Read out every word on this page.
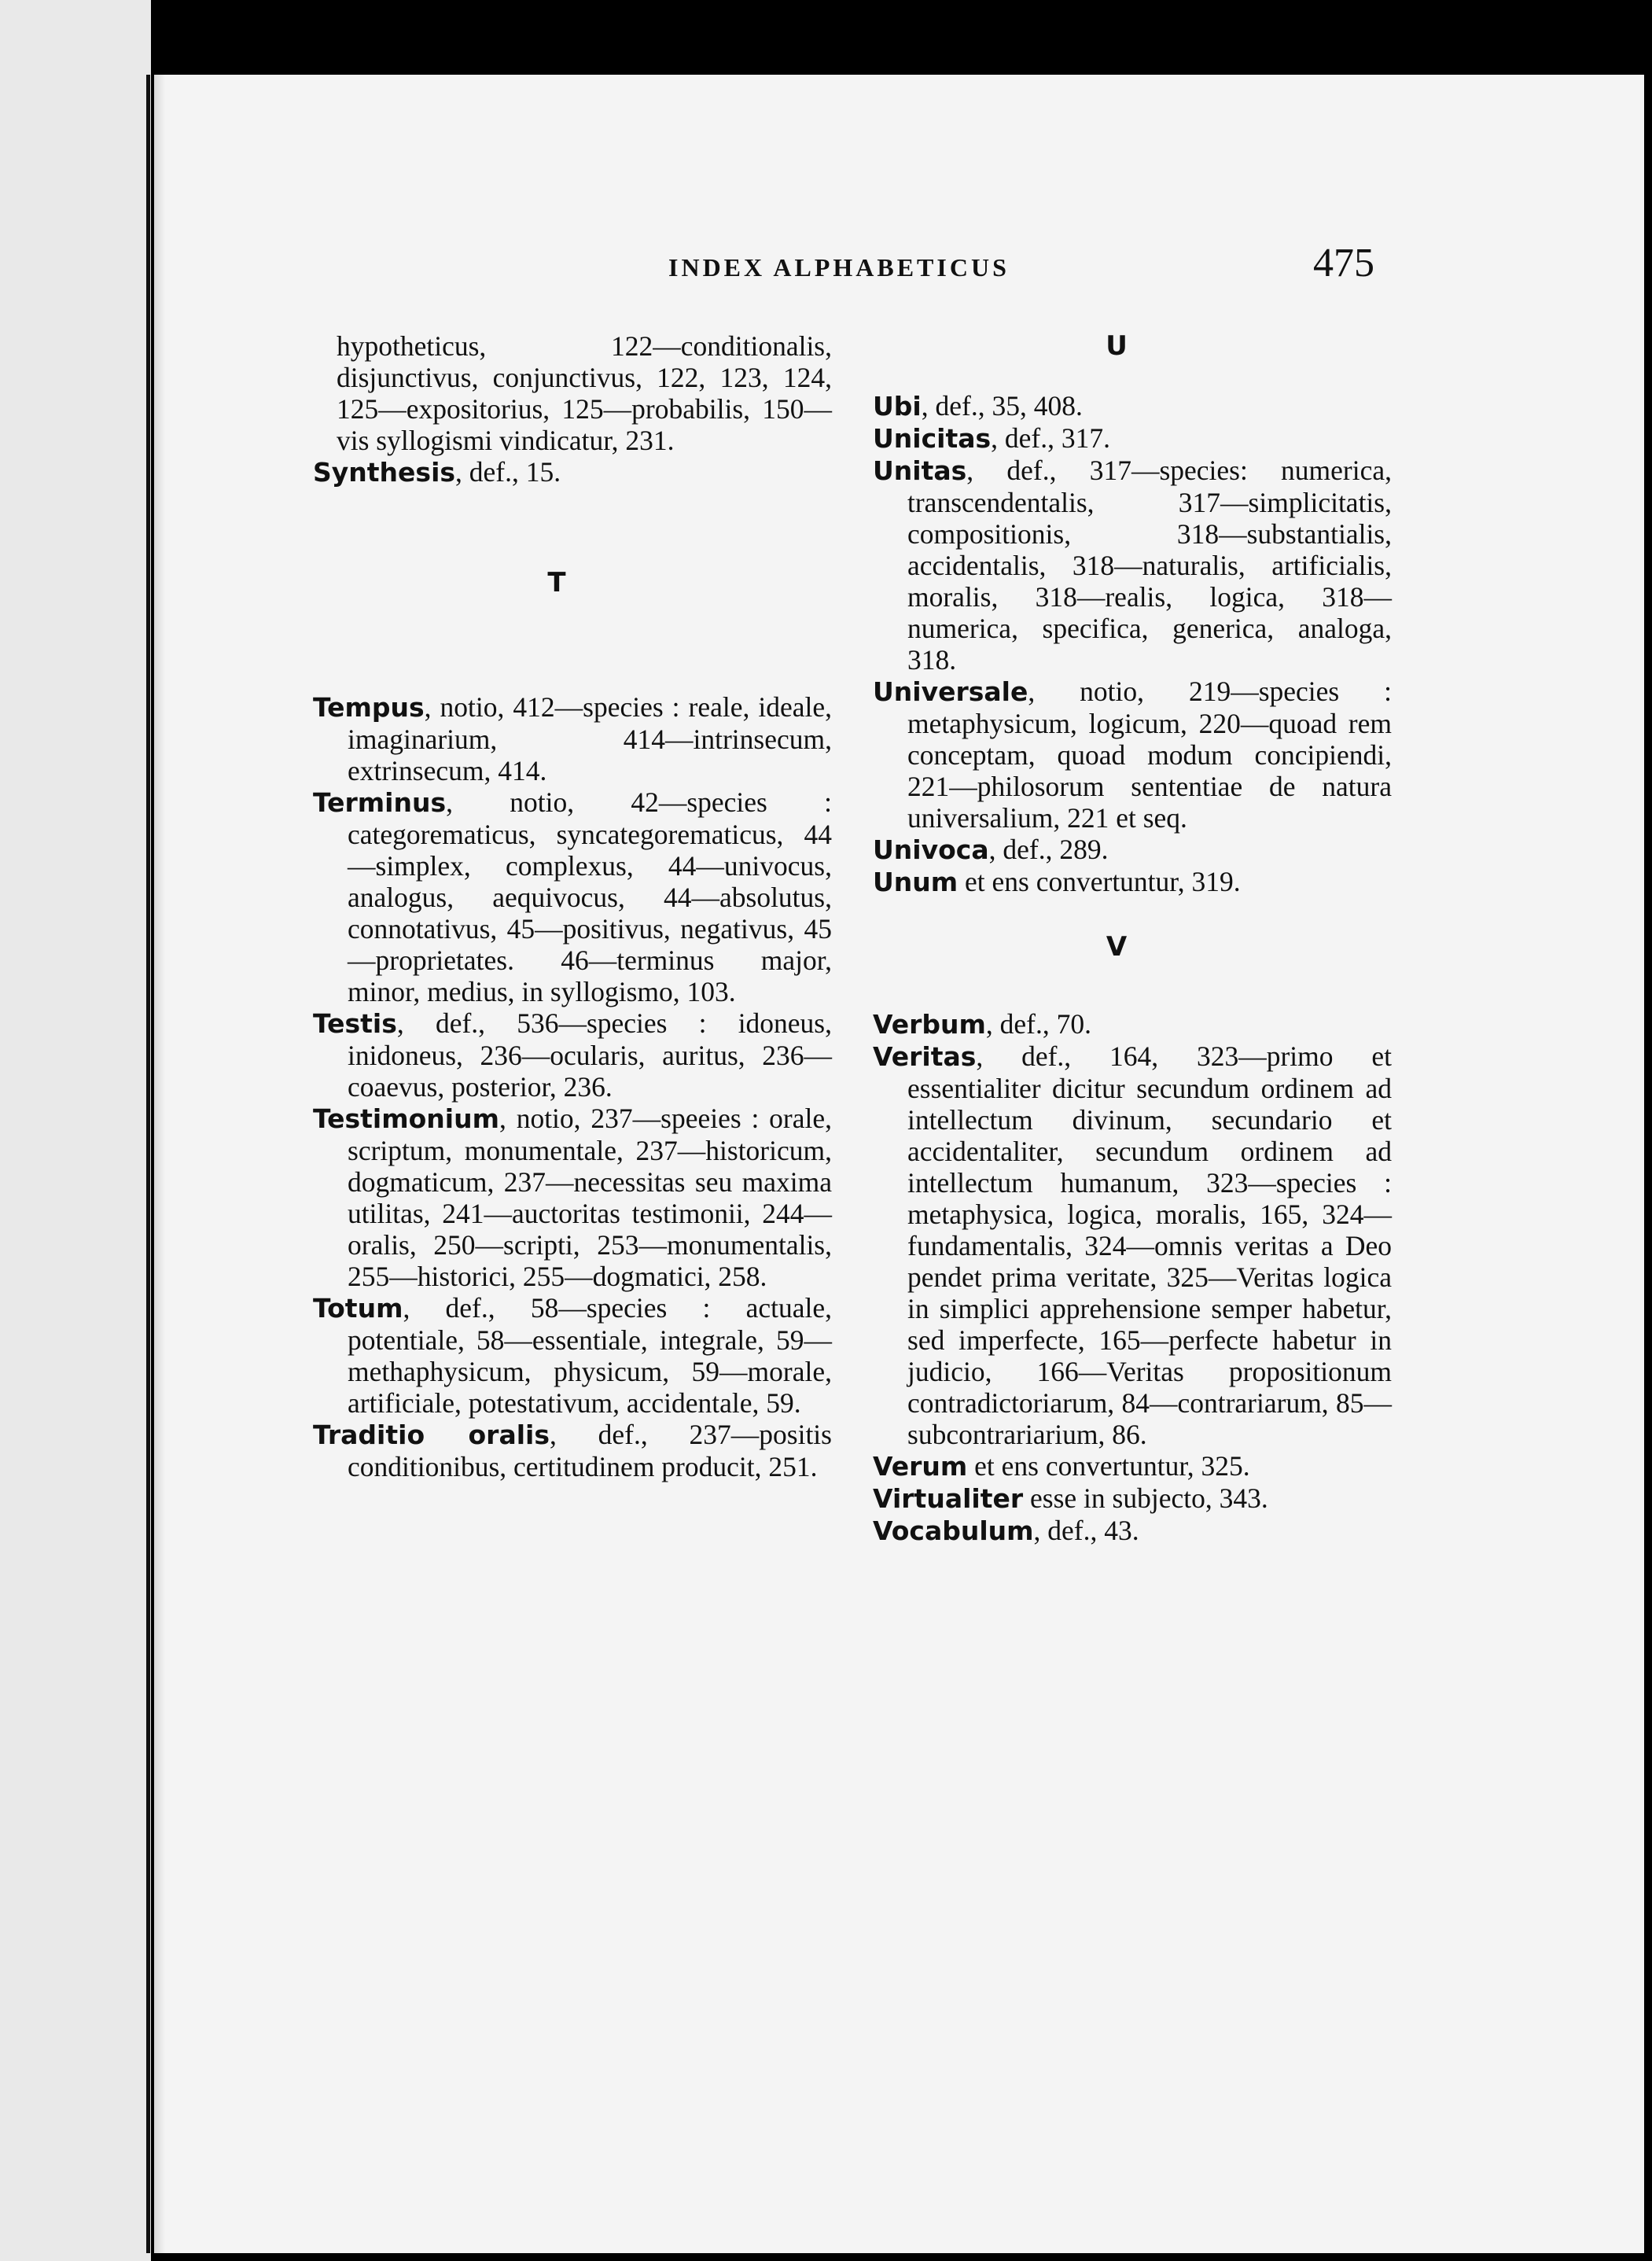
INDEX ALPHABETICUS	475

hypotheticus, 122—conditionalis, disjunctivus, conjunctivus, 122, 123, 124, 125—expositorius, 125—probabilis, 150—vis syllogismi vindicatur, 231.

Synthesis, def., 15.

T

Tempus, notio, 412—species : reale, ideale, imaginarium, 414—intrinsecum, extrinsecum, 414.

Terminus, notio, 42—species : categorematicus, syncategorematicus, 44—simplex, complexus, 44—univocus, analogus, aequivocus, 44—absolutus, connotativus, 45—positivus, negativus, 45—proprietates. 46—terminus major, minor, medius, in syllogismo, 103.

Testis, def., 536—species : idoneus, inidoneus, 236—ocularis, auritus, 236—coaevus, posterior, 236.

Testimonium, notio, 237—speeies : orale, scriptum, monumentale, 237—historicum, dogmaticum, 237—necessitas seu maxima utilitas, 241—auctoritas testimonii, 244—oralis, 250—scripti, 253—monumentalis, 255—historici, 255—dogmatici, 258.

Totum, def., 58—species : actuale, potentiale, 58—essentiale, integrale, 59—methaphysicum, physicum, 59—morale, artificiale, potestativum, accidentale, 59.

Traditio oralis, def., 237—positis conditionibus, certitudinem producit, 251.

U

Ubi, def., 35, 408.

Unicitas, def., 317.

Unitas, def., 317—species: numerica, transcendentalis, 317—simplicitatis, compositionis, 318—substantialis, accidentalis, 318—naturalis, artificialis, moralis, 318—realis, logica, 318—numerica, specifica, generica, analoga, 318.

Universale, notio, 219—species : metaphysicum, logicum, 220—quoad rem conceptam, quoad modum concipiendi, 221—philosorum sententiae de natura universalium, 221 et seq.

Univoca, def., 289.

Unum et ens convertuntur, 319.

V

Verbum, def., 70.

Veritas, def., 164, 323—primo et essentialiter dicitur secundum ordinem ad intellectum divinum, secundario et accidentaliter, secundum ordinem ad intellectum humanum, 323—species : metaphysica, logica, moralis, 165, 324—fundamentalis, 324—omnis veritas a Deo pendet prima veritate, 325—Veritas logica in simplici apprehensione semper habetur, sed imperfecte, 165—perfecte habetur in judicio, 166—Veritas propositionum contradictoriarum, 84—contrariarum, 85—subcontrariarium, 86.

Verum et ens convertuntur, 325.

Virtualiter esse in subjecto, 343.

Vocabulum, def., 43.
